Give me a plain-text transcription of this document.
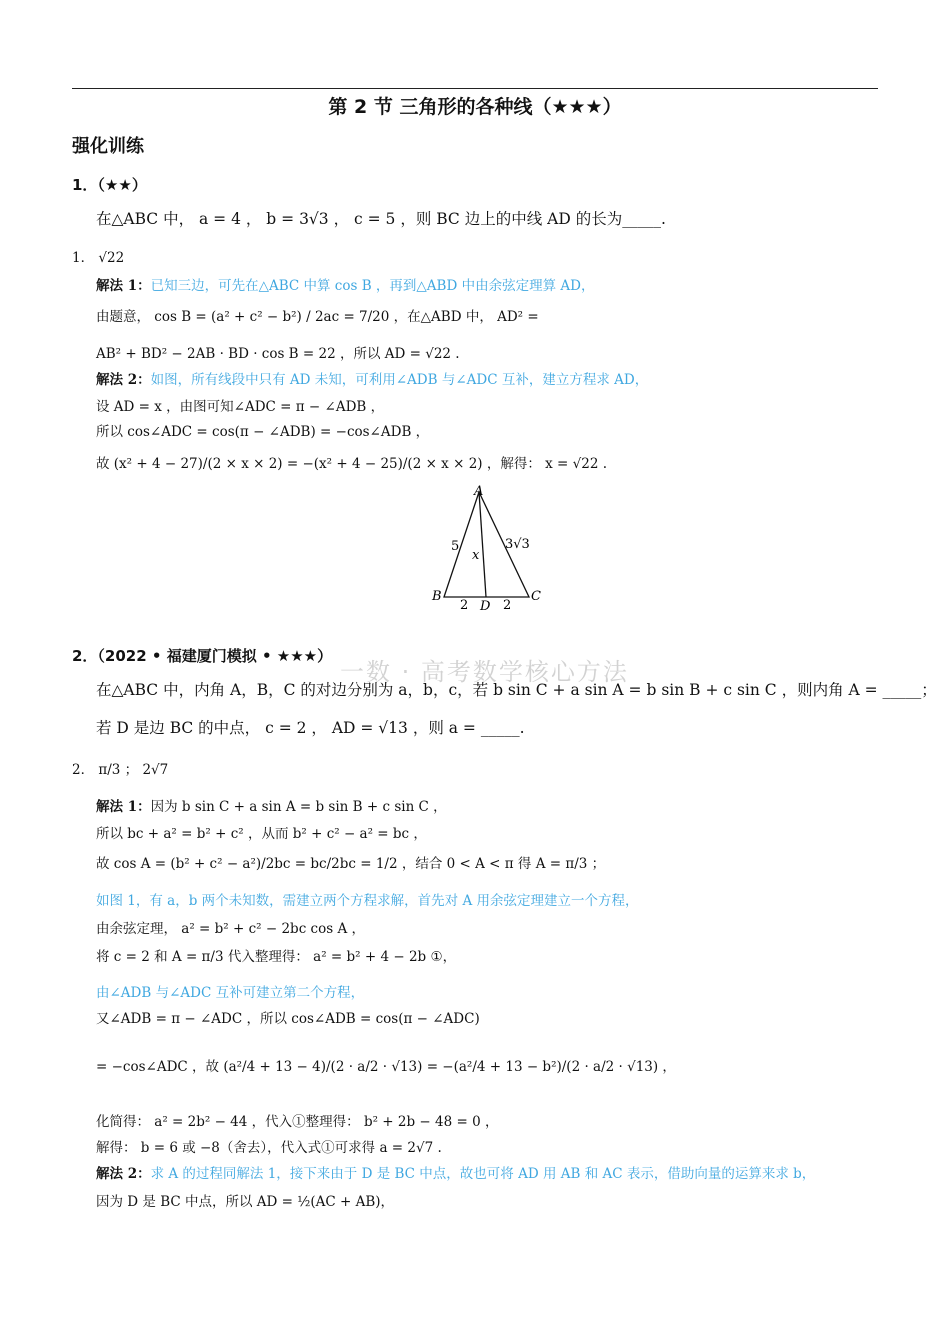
第 2 节 三角形的各种线（★★★）
强化训练
一数 · 高考数学核心方法
1．（★★）
在△ABC 中， a = 4 ， b = 3√3 ， c = 5 ，则 BC 边上的中线 AD 的长为_____.
1． √22
解法 1：已知三边，可先在△ABC 中算 cos B ，再到△ABD 中由余弦定理算 AD，
由题意， cos B = (a² + c² − b²) / 2ac = 7/20 ，在△ABD 中， AD² =
AB² + BD² − 2AB · BD · cos B = 22 ，所以 AD = √22 .
解法 2：如图，所有线段中只有 AD 未知，可利用∠ADB 与∠ADC 互补，建立方程求 AD，
设 AD = x ，由图可知∠ADC = π − ∠ADB ，
所以 cos∠ADC = cos(π − ∠ADB) = −cos∠ADB ，
故 (x² + 4 − 27)/(2 × x × 2) = −(x² + 4 − 25)/(2 × x × 2) ，解得： x = √22 .
A
B	C
D
5	3√3
x
2	2
2．（2022 • 福建厦门模拟 • ★★★）
在△ABC 中，内角 A，B，C 的对边分别为 a，b，c，若 b sin C + a sin A = b sin B + c sin C ，则内角 A = _____；
若 D 是边 BC 的中点， c = 2 ， AD = √13 ，则 a = _____.
2． π/3 ； 2√7
解法 1：因为 b sin C + a sin A = b sin B + c sin C ，
所以 bc + a² = b² + c² ，从而 b² + c² − a² = bc ，
故 cos A = (b² + c² − a²)/2bc = bc/2bc = 1/2 ，结合 0 < A < π 得 A = π/3 ；
如图 1，有 a，b 两个未知数，需建立两个方程求解，首先对 A 用余弦定理建立一个方程，
由余弦定理， a² = b² + c² − 2bc cos A ，
将 c = 2 和 A = π/3 代入整理得： a² = b² + 4 − 2b ①，
由∠ADB 与∠ADC 互补可建立第二个方程，
又∠ADB = π − ∠ADC ，所以 cos∠ADB = cos(π − ∠ADC)
= −cos∠ADC ，故 (a²/4 + 13 − 4)/(2 · a/2 · √13) = −(a²/4 + 13 − b²)/(2 · a/2 · √13) ，
化简得： a² = 2b² − 44 ，代入①整理得： b² + 2b − 48 = 0 ，
解得： b = 6 或 −8（舍去），代入式①可求得 a = 2√7 .
解法 2：求 A 的过程同解法 1，接下来由于 D 是 BC 中点，故也可将 AD 用 AB 和 AC 表示，借助向量的运算来求 b，
因为 D 是 BC 中点，所以 AD = ½(AC + AB)，
